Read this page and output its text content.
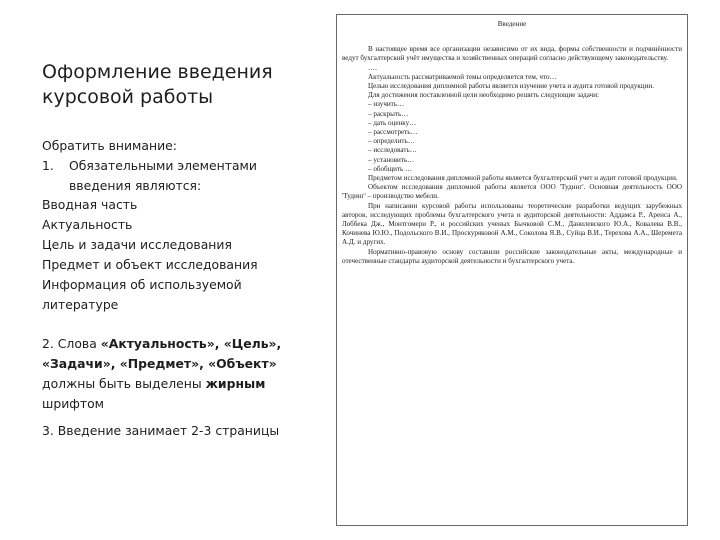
Оформление введения
курсовой работы
Обратить внимание:
1. Обязательными элементами введения являются:
Вводная часть
Актуальность
Цель и задачи исследования
Предмет и объект исследования
Информация об используемой литературе
2. Слова «Актуальность», «Цель», «Задачи», «Предмет», «Объект» должны быть выделены жирным шрифтом
3. Введение занимает 2-3 страницы
Введение

В настоящее время все организации независимо от их вида, формы собственности и подчинённости ведут бухгалтерский учёт имущества и хозяйственных операций согласно действующему законодательству.

….

Актуальность рассматриваемой темы определяется тем, что…

Целью исследования дипломной работы является изучение учета и аудита готовой продукции.

Для достижения поставленной цели необходимо решить следующие задачи:

– изучить…

– раскрыть…

– дать оценку…

– рассмотреть…

– определить…

– исследовать…

– установить…

– обобщить …

Предметом исследования дипломной работы является бухгалтерский учет и аудит готовой продукции.

Объектом исследования дипломной работы является ООО 'Тудинг'. Основная деятельность ООО 'Тудинг' – производство мебели.

При написании курсовой работы использованы теоретические разработки ведущих зарубежных авторов, исследующих проблемы бухгалтерского учета и аудиторской деятельности: Аддамса Р., Аренса А., Лоббека Дж., Монтгомери Р., и российских ученых Бычковой С.М., Данилевского Ю.А., Ковалева В.В., Кочинева Ю.Ю., Подольского В.И., Проскуряковой А.М., Соколова Я.В., Суйца В.И., Терехова А.А., Шеремета А.Д. и других.

Нормативно-правовую основу составили российские законодательные акты, международные и отечественные стандарты аудиторской деятельности и бухгалтерского учета.
